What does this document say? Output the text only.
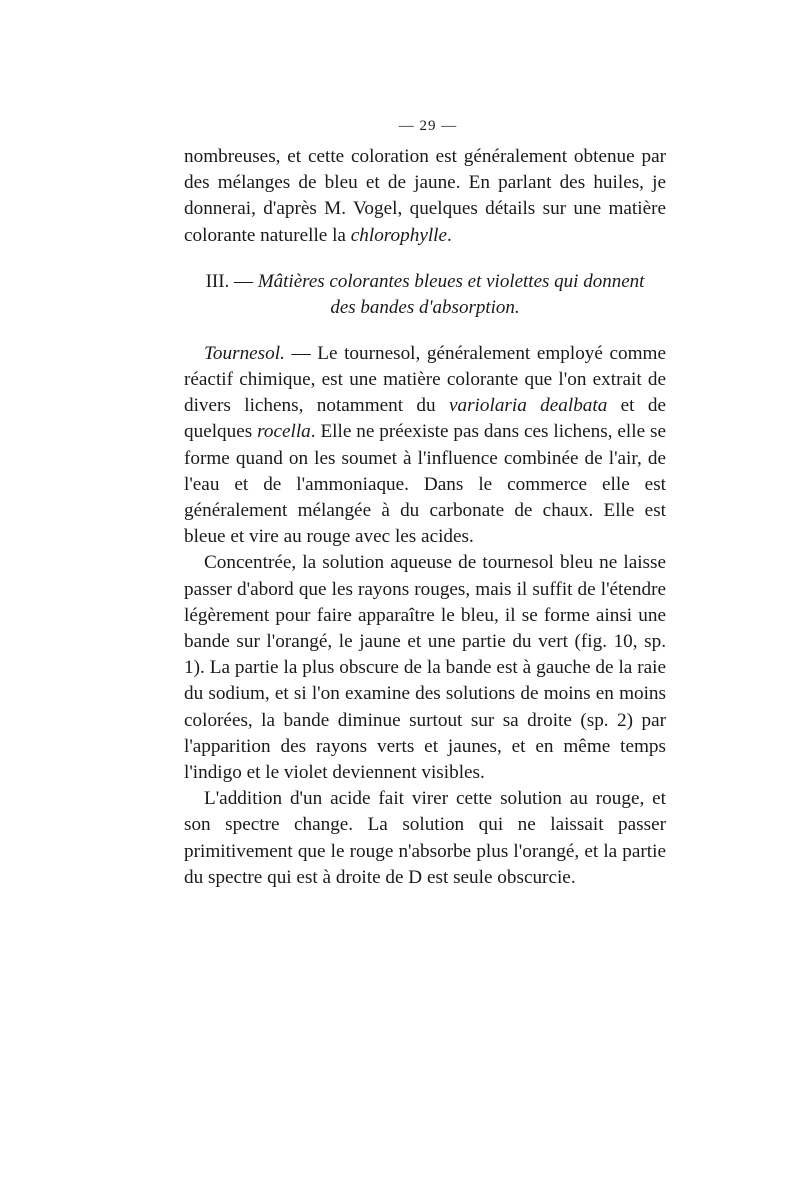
— 29 —

nombreuses, et cette coloration est généralement obtenue par des mélanges de bleu et de jaune. En parlant des huiles, je donnerai, d'après M. Vogel, quelques détails sur une matière colorante naturelle la chlorophylle.

III. — Mâtières colorantes bleues et violettes qui donnent
des bandes d'absorption.

Tournesol. — Le tournesol, généralement employé comme réactif chimique, est une matière colorante que l'on extrait de divers lichens, notamment du variolaria dealbata et de quelques rocella. Elle ne préexiste pas dans ces lichens, elle se forme quand on les soumet à l'influence combinée de l'air, de l'eau et de l'ammoniaque. Dans le commerce elle est généralement mélangée à du carbonate de chaux. Elle est bleue et vire au rouge avec les acides.

Concentrée, la solution aqueuse de tournesol bleu ne laisse passer d'abord que les rayons rouges, mais il suffit de l'étendre légèrement pour faire apparaître le bleu, il se forme ainsi une bande sur l'orangé, le jaune et une partie du vert (fig. 10, sp. 1). La partie la plus obscure de la bande est à gauche de la raie du sodium, et si l'on examine des solutions de moins en moins colorées, la bande diminue surtout sur sa droite (sp. 2) par l'apparition des rayons verts et jaunes, et en même temps l'indigo et le violet deviennent visibles.

L'addition d'un acide fait virer cette solution au rouge, et son spectre change. La solution qui ne laissait passer primitivement que le rouge n'absorbe plus l'orangé, et la partie du spectre qui est à droite de D est seule obscurcie.
